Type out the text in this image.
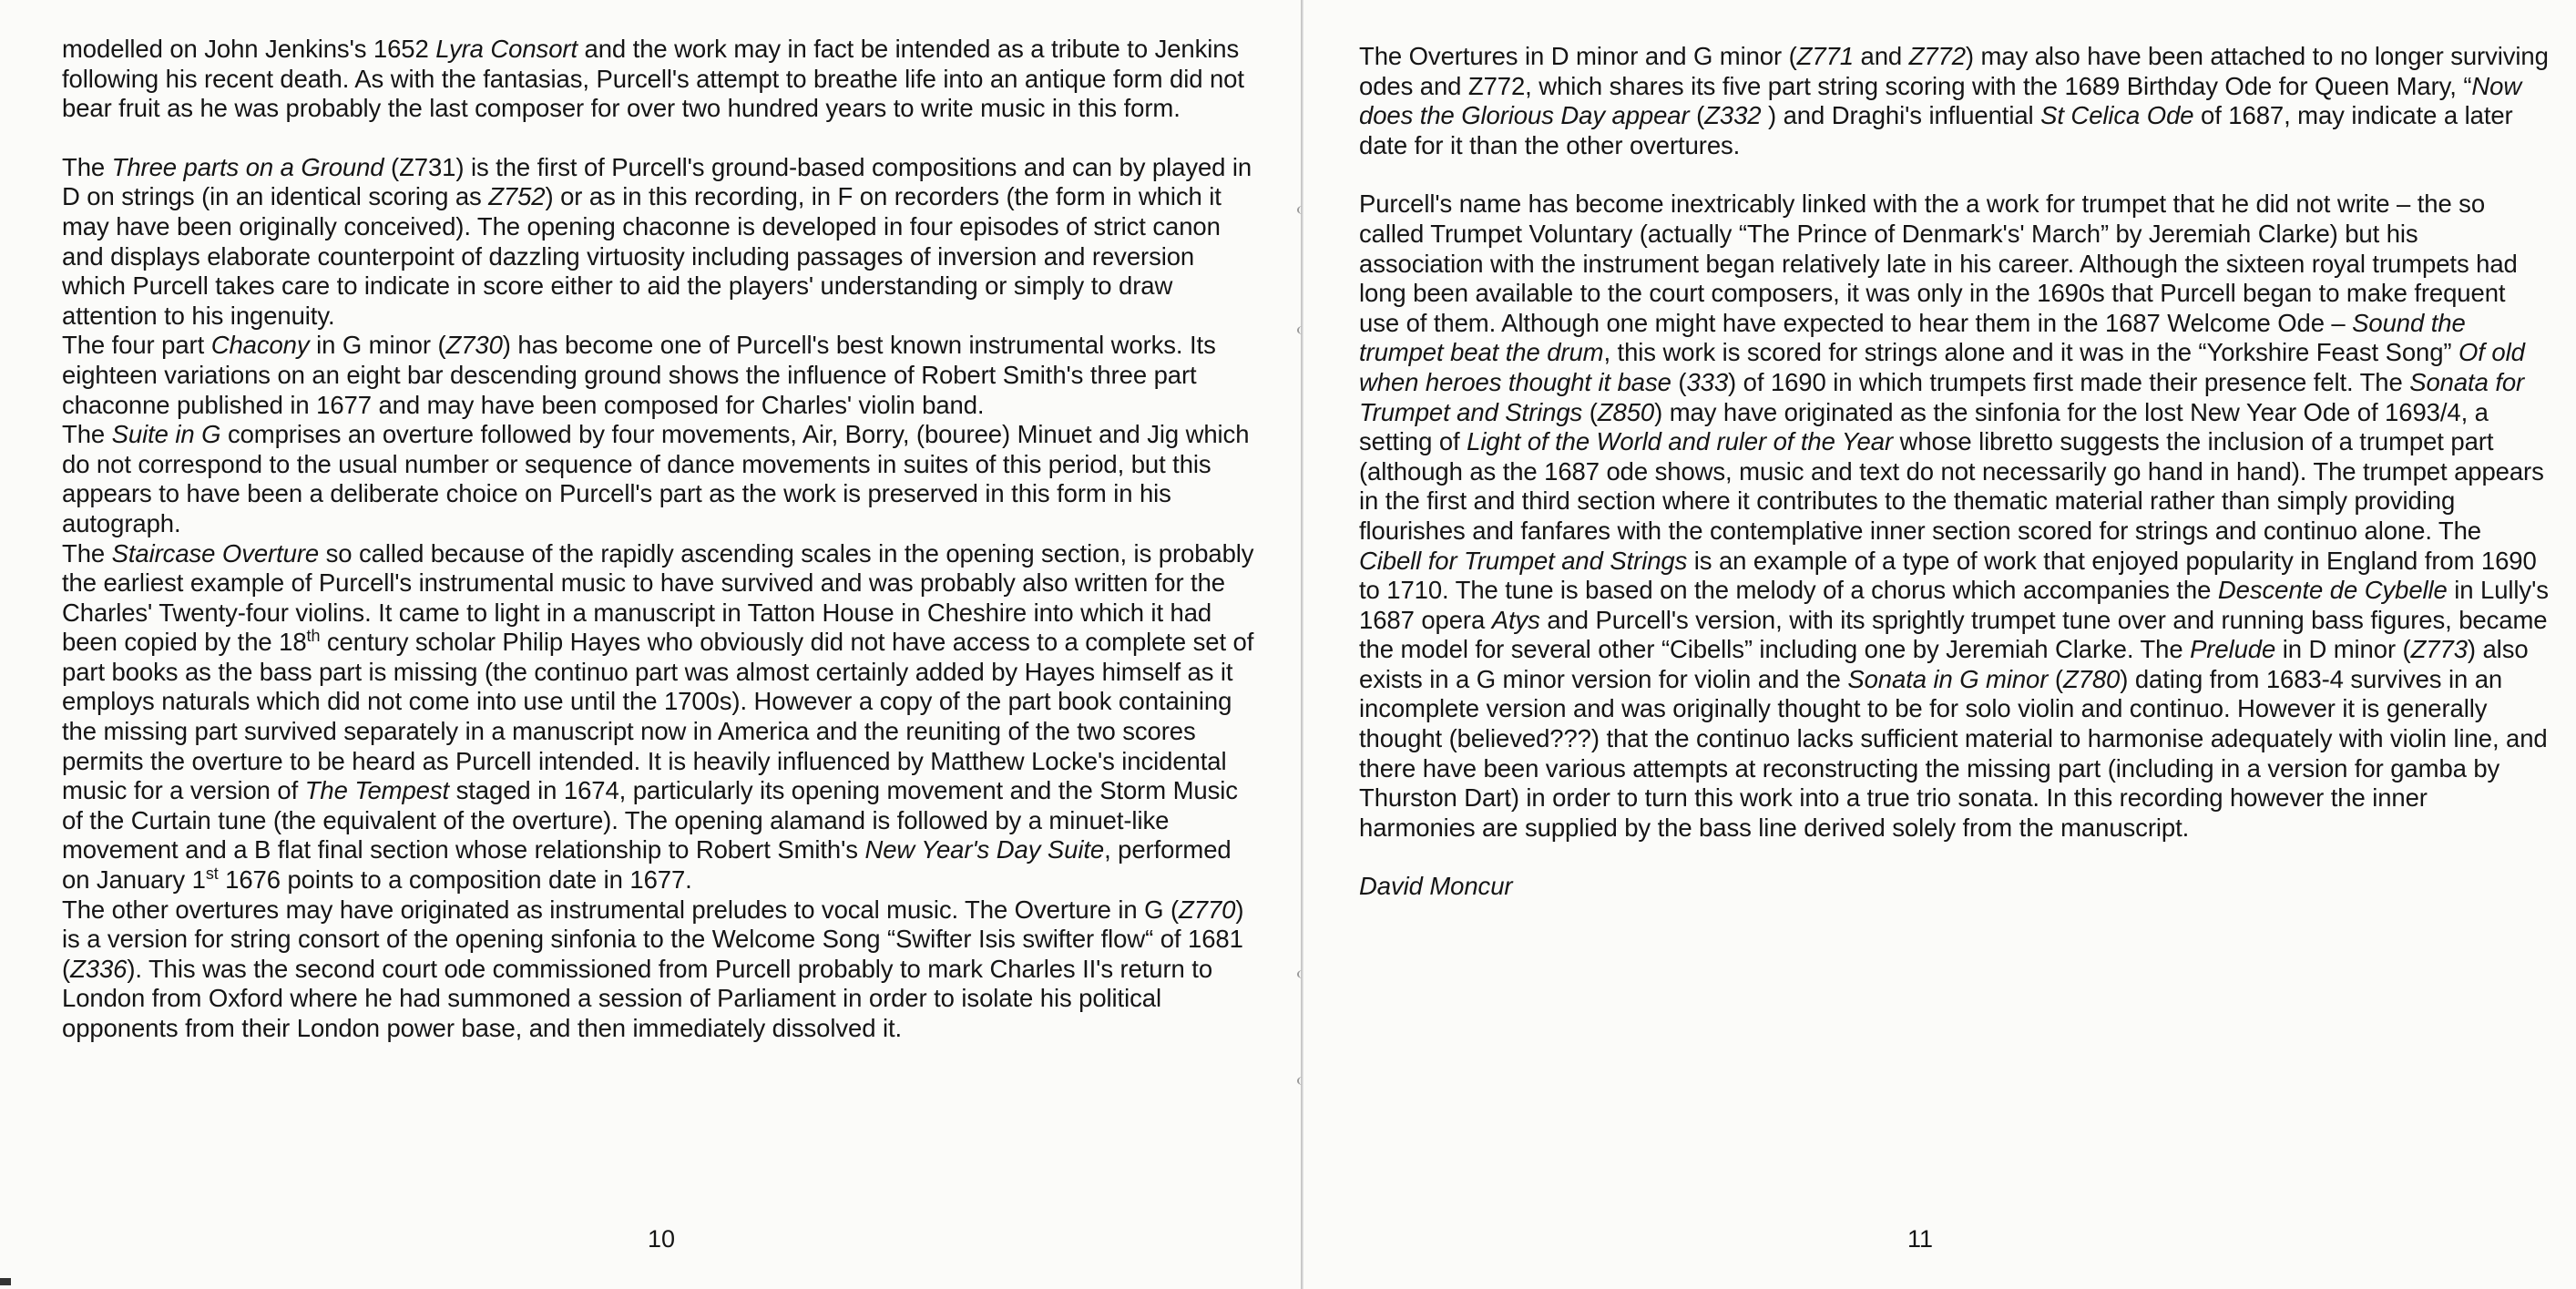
modelled on John Jenkins's 1652 Lyra Consort and the work may in fact be intended as a tribute to Jenkins following his recent death. As with the fantasias, Purcell's attempt to breathe life into an antique form did not bear fruit as he was probably the last composer for over two hundred years to write music in this form.

The Three parts on a Ground (Z731) is the first of Purcell's ground-based compositions and can by played in D on strings (in an identical scoring as Z752) or as in this recording, in F on recorders (the form in which it may have been originally conceived). The opening chaconne is developed in four episodes of strict canon and displays elaborate counterpoint of dazzling virtuosity including passages of inversion and reversion which Purcell takes care to indicate in score either to aid the players' understanding or simply to draw attention to his ingenuity.

The four part Chacony in G minor (Z730) has become one of Purcell's best known instrumental works. Its eighteen variations on an eight bar descending ground shows the influence of Robert Smith's three part chaconne published in 1677 and may have been composed for Charles' violin band.

The Suite in G comprises an overture followed by four movements, Air, Borry, (bouree) Minuet and Jig which do not correspond to the usual number or sequence of dance movements in suites of this period, but this appears to have been a deliberate choice on Purcell's part as the work is preserved in this form in his autograph.

The Staircase Overture so called because of the rapidly ascending scales in the opening section, is probably the earliest example of Purcell's instrumental music to have survived and was probably also written for the Charles' Twenty-four violins. It came to light in a manuscript in Tatton House in Cheshire into which it had been copied by the 18th century scholar Philip Hayes who obviously did not have access to a complete set of part books as the bass part is missing (the continuo part was almost certainly added by Hayes himself as it employs naturals which did not come into use until the 1700s). However a copy of the part book containing the missing part survived separately in a manuscript now in America and the reuniting of the two scores permits the overture to be heard as Purcell intended. It is heavily influenced by Matthew Locke's incidental music for a version of The Tempest staged in 1674, particularly its opening movement and the Storm Music of the Curtain tune (the equivalent of the overture). The opening alamand is followed by a minuet-like movement and a B flat final section whose relationship to Robert Smith's New Year's Day Suite, performed on January 1st 1676 points to a composition date in 1677.

The other overtures may have originated as instrumental preludes to vocal music. The Overture in G (Z770) is a version for string consort of the opening sinfonia to the Welcome Song “Swifter Isis swifter flow“ of 1681 (Z336). This was the second court ode commissioned from Purcell probably to mark Charles II's return to London from Oxford where he had summoned a session of Parliament in order to isolate his political opponents from their London power base, and then immediately dissolved it.

10

The Overtures in D minor and G minor (Z771 and Z772) may also have been attached to no longer surviving odes and Z772, which shares its five part string scoring with the 1689 Birthday Ode for Queen Mary, “Now does the Glorious Day appear (Z332 ) and Draghi's influential St Celica Ode of 1687, may indicate a later date for it than the other overtures.

Purcell's name has become inextricably linked with the a work for trumpet that he did not write – the so called Trumpet Voluntary (actually “The Prince of Denmark's' March” by Jeremiah Clarke) but his association with the instrument began relatively late in his career. Although the sixteen royal trumpets had long been available to the court composers, it was only in the 1690s that Purcell began to make frequent use of them. Although one might have expected to hear them in the 1687 Welcome Ode – Sound the trumpet beat the drum, this work is scored for strings alone and it was in the “Yorkshire Feast Song” Of old when heroes thought it base (333) of 1690 in which trumpets first made their presence felt. The Sonata for Trumpet and Strings (Z850) may have originated as the sinfonia for the lost New Year Ode of 1693/4, a setting of Light of the World and ruler of the Year whose libretto suggests the inclusion of a trumpet part (although as the 1687 ode shows, music and text do not necessarily go hand in hand). The trumpet appears in the first and third section where it contributes to the thematic material rather than simply providing flourishes and fanfares with the contemplative inner section scored for strings and continuo alone. The Cibell for Trumpet and Strings is an example of a type of work that enjoyed popularity in England from 1690 to 1710. The tune is based on the melody of a chorus which accompanies the Descente de Cybelle in Lully's 1687 opera Atys and Purcell's version, with its sprightly trumpet tune over and running bass figures, became the model for several other “Cibells” including one by Jeremiah Clarke. The Prelude in D minor (Z773) also exists in a G minor version for violin and the Sonata in G minor (Z780) dating from 1683-4 survives in an incomplete version and was originally thought to be for solo violin and continuo. However it is generally thought (believed???) that the continuo lacks sufficient material to harmonise adequately with violin line, and there have been various attempts at reconstructing the missing part (including in a version for gamba by Thurston Dart) in order to turn this work into a true trio sonata. In this recording however the inner harmonies are supplied by the bass line derived solely from the manuscript.

David Moncur

11
